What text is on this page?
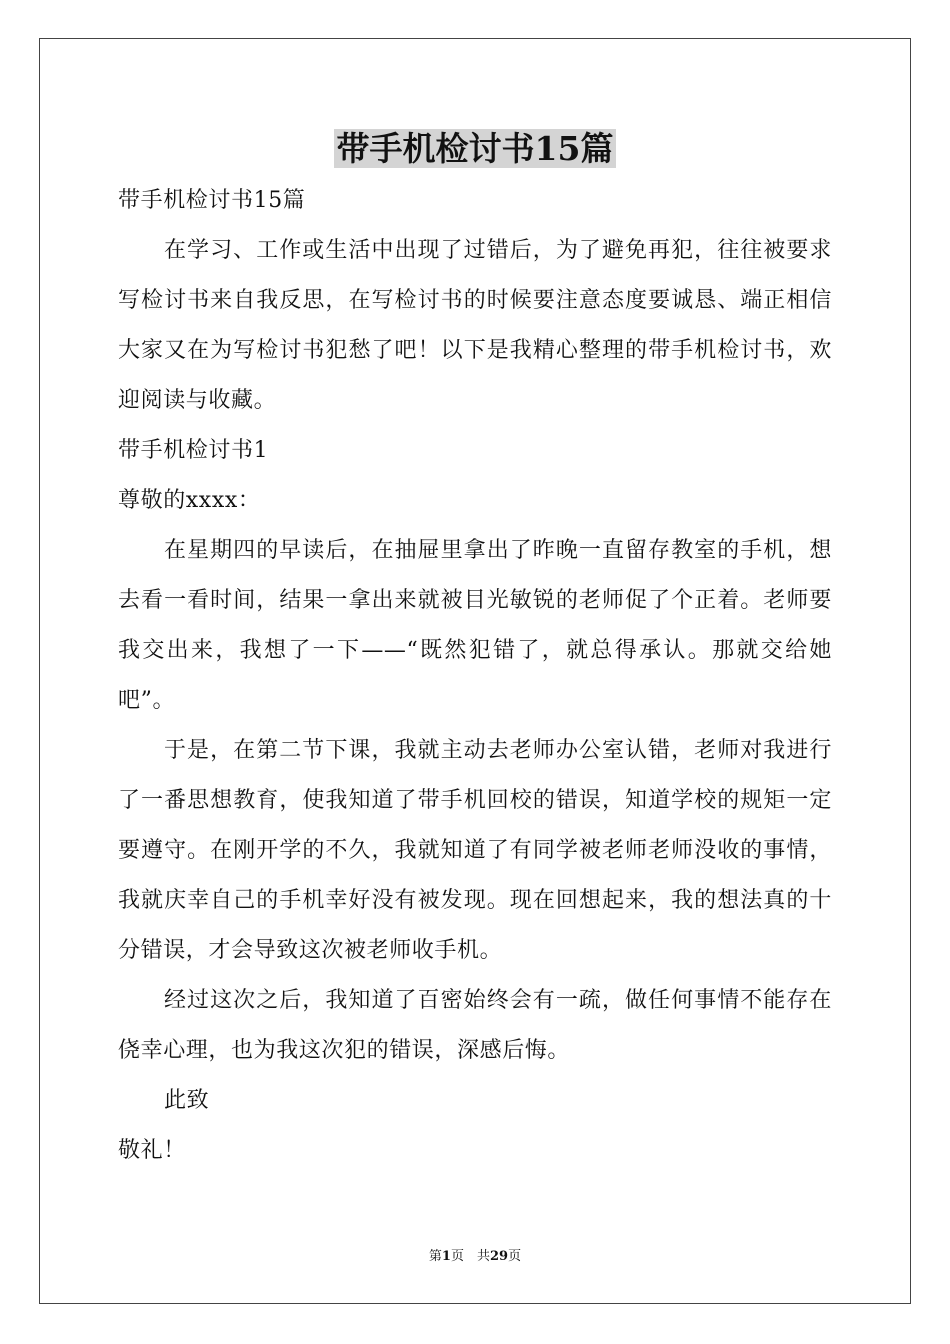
带手机检讨书15篇

带手机检讨书15篇

在学习、工作或生活中出现了过错后，为了避免再犯，往往被要求写检讨书来自我反思，在写检讨书的时候要注意态度要诚恳、端正相信大家又在为写检讨书犯愁了吧！以下是我精心整理的带手机检讨书，欢迎阅读与收藏。

带手机检讨书1

尊敬的xxxx：

在星期四的早读后，在抽屉里拿出了昨晚一直留存教室的手机，想去看一看时间，结果一拿出来就被目光敏锐的老师促了个正着。老师要我交出来，我想了一下——“既然犯错了，就总得承认。那就交给她吧”。

于是，在第二节下课，我就主动去老师办公室认错，老师对我进行了一番思想教育，使我知道了带手机回校的错误，知道学校的规矩一定要遵守。在刚开学的不久，我就知道了有同学被老师老师没收的事情，我就庆幸自己的手机幸好没有被发现。现在回想起来，我的想法真的十分错误，才会导致这次被老师收手机。

经过这次之后，我知道了百密始终会有一疏，做任何事情不能存在侥幸心理，也为我这次犯的错误，深感后悔。

此致

敬礼！

第1页　共29页
